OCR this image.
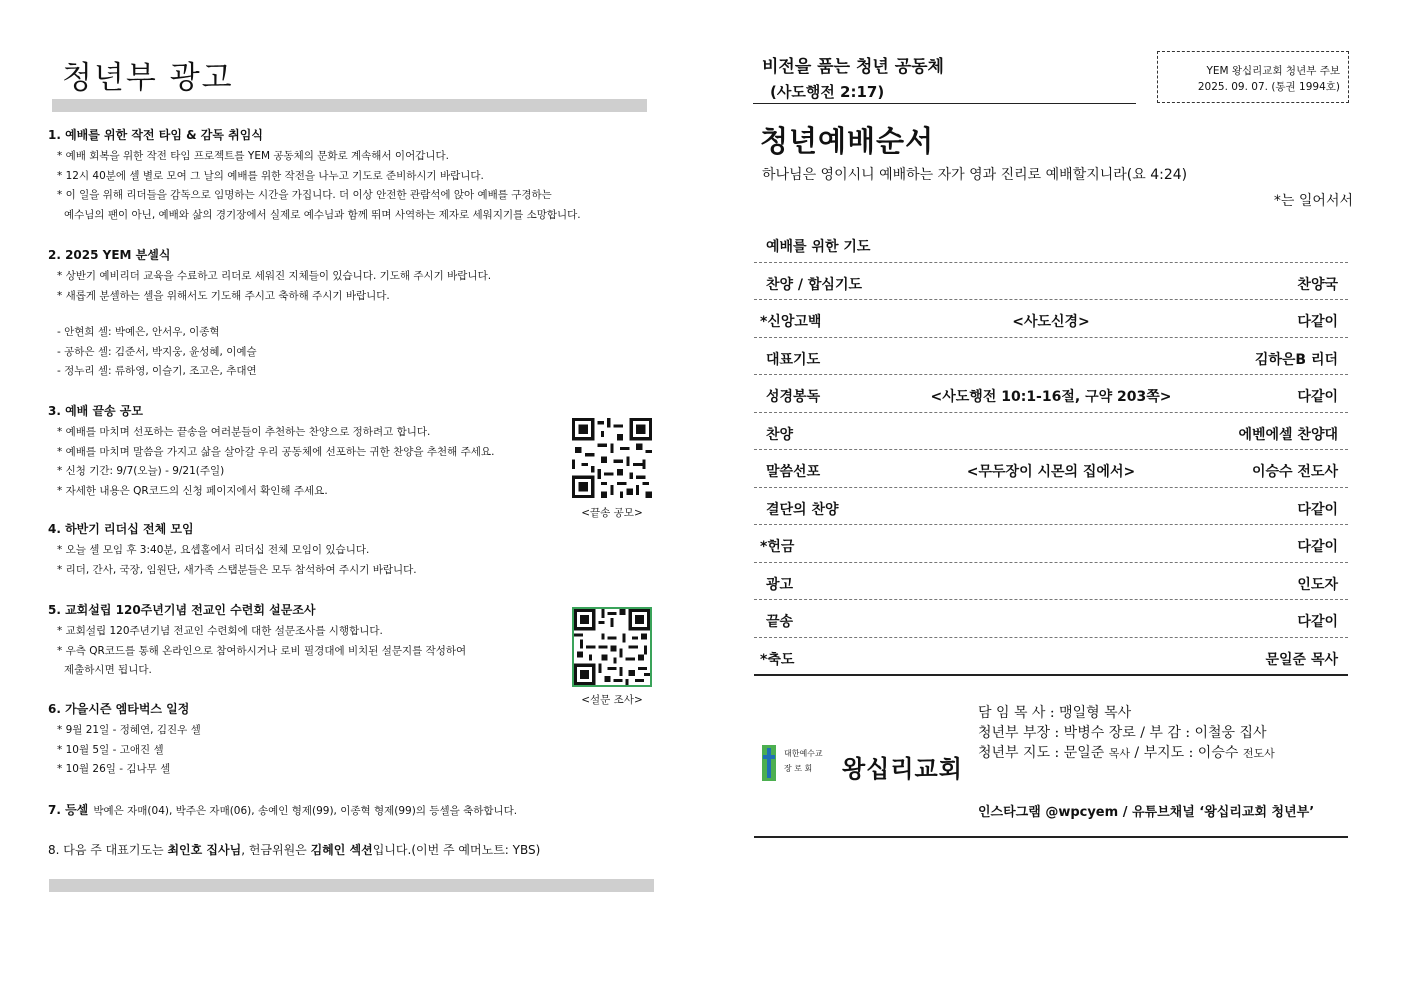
청년부 광고
1. 예배를 위한 작전 타임 & 감독 취임식
* 예배 회복을 위한 작전 타임 프로젝트를 YEM 공동체의 문화로 계속해서 이어갑니다.
* 12시 40분에 셀 별로 모여 그 날의 예배를 위한 작전을 나누고 기도로 준비하시기 바랍니다.
* 이 일을 위해 리더들을 감독으로 임명하는 시간을 가집니다. 더 이상 안전한 관람석에 앉아 예배를 구경하는
예수님의 팬이 아닌, 예배와 삶의 경기장에서 실제로 예수님과 함께 뛰며 사역하는 제자로 세워지기를 소망합니다.
2. 2025 YEM 분셀식
* 상반기 예비리더 교육을 수료하고 리더로 세워진 지체들이 있습니다. 기도해 주시기 바랍니다.
* 새롭게 분셀하는 셀을 위해서도 기도해 주시고 축하해 주시기 바랍니다.
- 안현희 셀: 박예은, 안서우, 이종혁
- 공하은 셀: 김준서, 박지웅, 윤성혜, 이예슬
- 정누리 셀: 류하영, 이슬기, 조고은, 추대연
3. 예배 끝송 공모
* 예배를 마치며 선포하는 끝송을 여러분들이 추천하는 찬양으로 정하려고 합니다.
* 예배를 마치며 말씀을 가지고 삶을 살아갈 우리 공동체에 선포하는 귀한 찬양을 추천해 주세요.
* 신청 기간: 9/7(오늘) - 9/21(주일)
* 자세한 내용은 QR코드의 신청 페이지에서 확인해 주세요.
<끝송 공모>
4. 하반기 리더십 전체 모임
* 오늘 셀 모임 후 3:40분, 요셉홀에서 리더십 전체 모임이 있습니다.
* 리더, 간사, 국장, 임원단, 새가족 스탭분들은 모두 참석하여 주시기 바랍니다.
5. 교회설립 120주년기념 전교인 수련회 설문조사
* 교회설립 120주년기념 전교인 수련회에 대한 설문조사를 시행합니다.
* 우측 QR코드를 통해 온라인으로 참여하시거나 로비 필경대에 비치된 설문지를 작성하여
제출하시면 됩니다.
<설문 조사>
6. 가을시즌 엠타벅스 일정
* 9월 21일 - 정혜연, 김진우 셀
* 10월 5일 - 고애진 셀
* 10월 26일 - 김나무 셀
7. 등셀 박예은 자매(04), 박주은 자매(06), 송예인 형제(99), 이종혁 형제(99)의 등셀을 축하합니다.
8. 다음 주 대표기도는 최인호 집사님, 헌금위원은 김혜인 섹션입니다.(이번 주 예머노트: YBS)
비전을 품는 청년 공동체
(사도행전 2:17)
YEM 왕십리교회 청년부 주보
2025. 09. 07. (통권 1994호)
청년예배순서
하나님은 영이시니 예배하는 자가 영과 진리로 예배할지니라(요 4:24)
*는 일어서서
예배를 위한 기도
찬양 / 합심기도	찬양국
*신앙고백	<사도신경>	다같이
대표기도	김하은B 리더
성경봉독	<사도행전 10:1-16절, 구약 203쪽>	다같이
찬양	에벤에셀 찬양대
말씀선포	<무두장이 시몬의 집에서>	이승수 전도사
결단의 찬양	다같이
*헌금	다같이
광고	인도자
끝송	다같이
*축도	문일준 목사
대한예수교
장 로 회 왕십리교회
담 임 목 사 : 맹일형 목사
청년부 부장 : 박병수 장로 / 부 감 : 이철웅 집사
청년부 지도 : 문일준 목사 / 부지도 : 이승수 전도사
인스타그램 @wpcyem / 유튜브채널 ‘왕십리교회 청년부’
